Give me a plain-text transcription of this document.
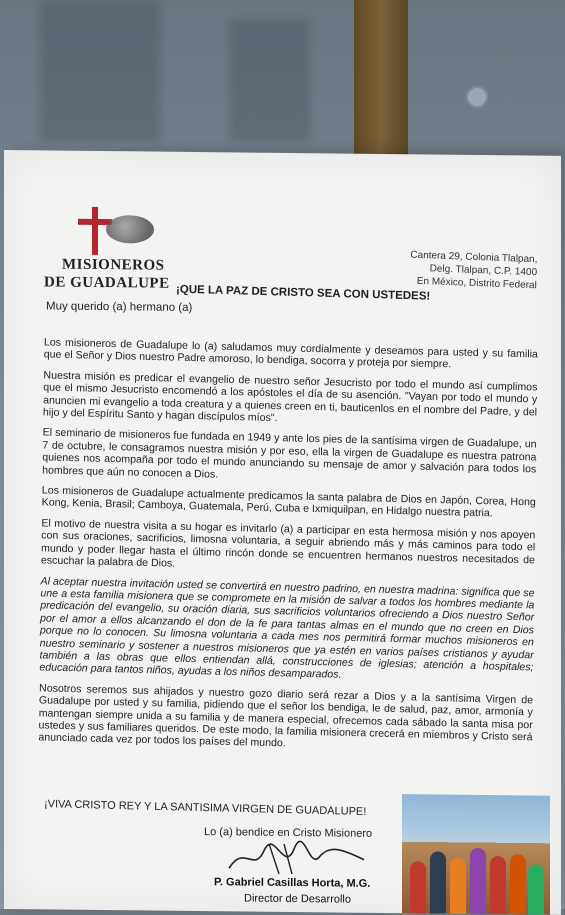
MISIONEROS
DE GUADALUPE
Cantera 29, Colonia Tlalpan,
Delg. Tlalpan, C.P. 1400
En México, Distrito Federal
¡QUE LA PAZ DE CRISTO SEA CON USTEDES!
Muy querido (a) hermano (a)

Los misioneros de Guadalupe lo (a) saludamos muy cordialmente y deseamos para usted y su familia que el Señor y Dios nuestro Padre amoroso, lo bendiga, socorra y proteja por siempre.

Nuestra misión es predicar el evangelio de nuestro señor Jesucristo por todo el mundo así cumplimos que el mismo Jesucristo encomendó a los apóstoles el día de su asención. "Vayan por todo el mundo y anuncien mi evangelio a toda creatura y a quienes creen en ti, bauticenlos en el nombre del Padre, y del hijo y del Espíritu Santo y hagan discípulos míos".

El seminario de misioneros fue fundada en 1949 y ante los pies de la santísima virgen de Guadalupe, un 7 de octubre, le consagramos nuestra misión y por eso, ella la virgen de Guadalupe es nuestra patrona quienes nos acompaña por todo el mundo anunciando su mensaje de amor y salvación para todos los hombres que aún no conocen a Dios.

Los misioneros de Guadalupe actualmente predicamos la santa palabra de Dios en Japón, Corea, Hong Kong, Kenia, Brasil; Camboya, Guatemala, Perú, Cuba e Ixmiquilpan, en Hidalgo nuestra patria.

El motivo de nuestra visita a su hogar es invitarlo (a) a participar en esta hermosa misión y nos apoyen con sus oraciones, sacrificios, limosna voluntaria, a seguir abriendo más y más caminos para todo el mundo y poder llegar hasta el último rincón donde se encuentren hermanos nuestros necesitados de escuchar la palabra de Dios.

Al aceptar nuestra invitación usted se convertirá en nuestro padrino, en nuestra madrina: significa que se une a esta familia misionera que se compromete en la misión de salvar a todos los hombres mediante la predicación del evangelio, su oración diaria, sus sacrificios voluntarios ofreciendo a Dios nuestro Señor por el amor a ellos alcanzando el don de la fe para tantas almas en el mundo que no creen en Dios porque no lo conocen. Su limosna voluntaria a cada mes nos permitirá formar muchos misioneros en nuestro seminario y sostener a nuestros misioneros que ya estén en varios países cristianos y ayudar también a las obras que ellos entiendan allá, construcciones de iglesias; atención a hospitales; educación para tantos niños, ayudas a los niños desamparados.

Nosotros seremos sus ahijados y nuestro gozo diario será rezar a Dios y a la santísima Virgen de Guadalupe por usted y su familia, pidiendo que el señor los bendiga, le de salud, paz, amor, armonía y mantengan siempre unida a su familia y de manera especial, ofrecemos cada sábado la santa misa por ustedes y sus familiares queridos. De este modo, la familia misionera crecerá en miembros y Cristo será anunciado cada vez por todos los países del mundo.

¡VIVA CRISTO REY Y LA SANTISIMA VIRGEN DE GUADALUPE!
Lo (a) bendice en Cristo Misionero
P. Gabriel Casillas Horta, M.G.
Director de Desarrollo
